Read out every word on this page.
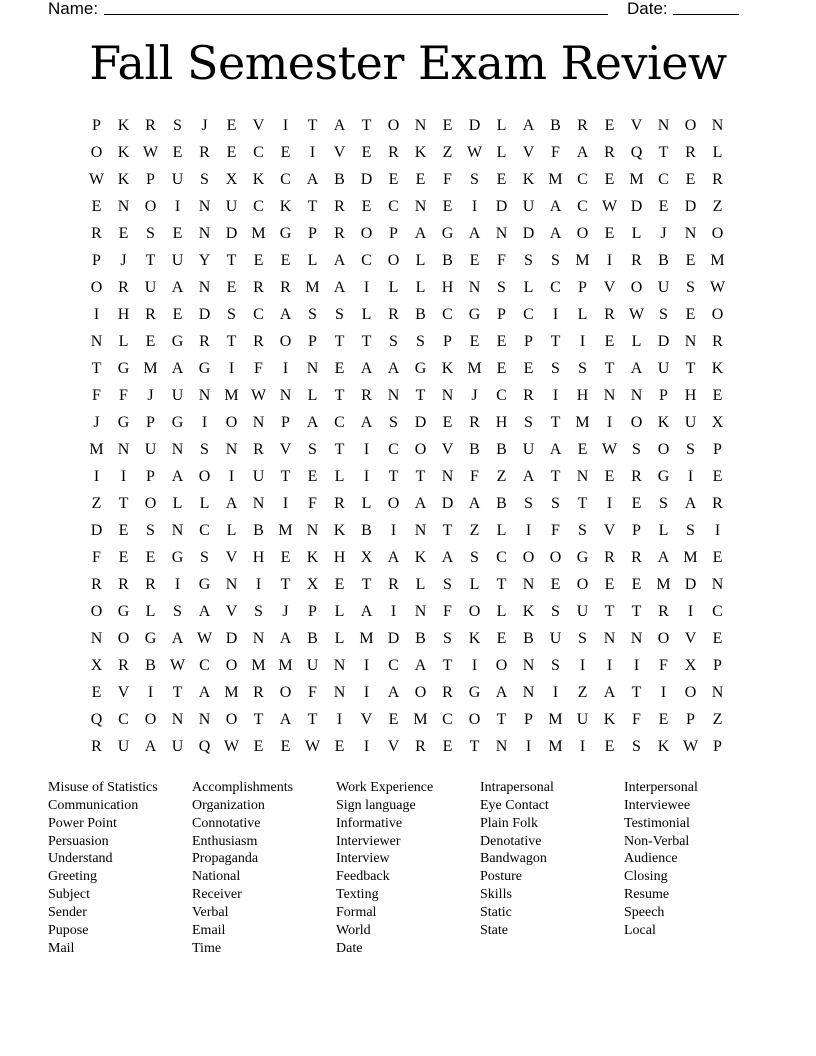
Name:	Date:
Fall Semester Exam Review
P	K R	S	J	E	V	I	T	A	T	O N	E	D	L	A B	R	E	V N O N
O K W E	R	E	C	E	I	V	E	R K	Z W L	V	F	A R Q	T	R	L
W K	P	U	S	X K C A B D	E	E	F	S	E	K M C	E M C	E	R
E	N O	I	N U C K	T	R	E	C N	E	I	D U A C W D	E	D	Z
R	E	S	E	N D M G	P	R O	P	A G A N D A O	E	L	J	N O
P	J	T	U Y	T	E	E	L	A C O	L	B	E	F	S	S M	I	R	B	E M
O R U A N	E	R	R M A	I	L	L	H N	S	L	C	P	V O U	S W
I	H R	E	D	S	C A	S	S	L	R	B	C G	P	C	I	L	R W S	E	O
N	L	E	G R	T	R O	P	T	T	S	S	P	E	E	P	T	I	E	L	D N R
T	G M A G	I	F	I	N	E	A A G K M E	E	S	S	T	A U	T	K
F	F	J	U N M W N	L	T	R N	T	N	J	C	R	I	H N N	P	H	E
J	G	P	G	I	O N	P	A C A	S	D	E	R H	S	T M	I	O K U X
M N U N	S	N R V	S	T	I	C O V B	B U A	E W S	O	S	P
I	I	P	A O	I	U	T	E	L	I	T	T	N	F	Z	A	T	N	E	R G	I	E
Z	T	O	L	L	A N	I	F	R	L	O A D A B	S	S	T	I	E	S	A R
D	E	S	N C	L	B M N K B	I	N	T	Z	L	I	F	S	V	P	L	S	I
F	E	E	G	S	V H	E	K H X A K A	S	C O O G R	R A M E
R	R	R	I	G N	I	T	X	E	T	R	L	S	L	T	N	E	O	E	E M D N
O G	L	S	A V	S	J	P	L	A	I	N	F	O	L	K	S	U	T	T	R	I	C
N O G A W D N A B	L M D B	S	K	E	B U	S	N N O V	E
X R	B W C O M M U N	I	C A	T	I	O N	S	I	I	I	F	X	P
E	V	I	T	A M R O	F	N	I	A O R G A N	I	Z	A	T	I	O N
Q C O N N O	T	A	T	I	V	E M C O	T	P M U K	F	E	P	Z
R U A U Q W E	E W E	I	V R	E	T	N	I	M	I	E	S	K W P
Misuse of Statistics
Communication
Power Point
Persuasion
Understand
Greeting
Subject
Sender
Pupose
Mail
Accomplishments
Organization
Connotative
Enthusiasm
Propaganda
National
Receiver
Verbal
Email
Time
Work Experience
Sign language
Informative
Interviewer
Interview
Feedback
Texting
Formal
World
Date
Intrapersonal
Eye Contact
Plain Folk
Denotative
Bandwagon
Posture
Skills
Static
State
Interpersonal
Interviewee
Testimonial
Non-Verbal
Audience
Closing
Resume
Speech
Local
